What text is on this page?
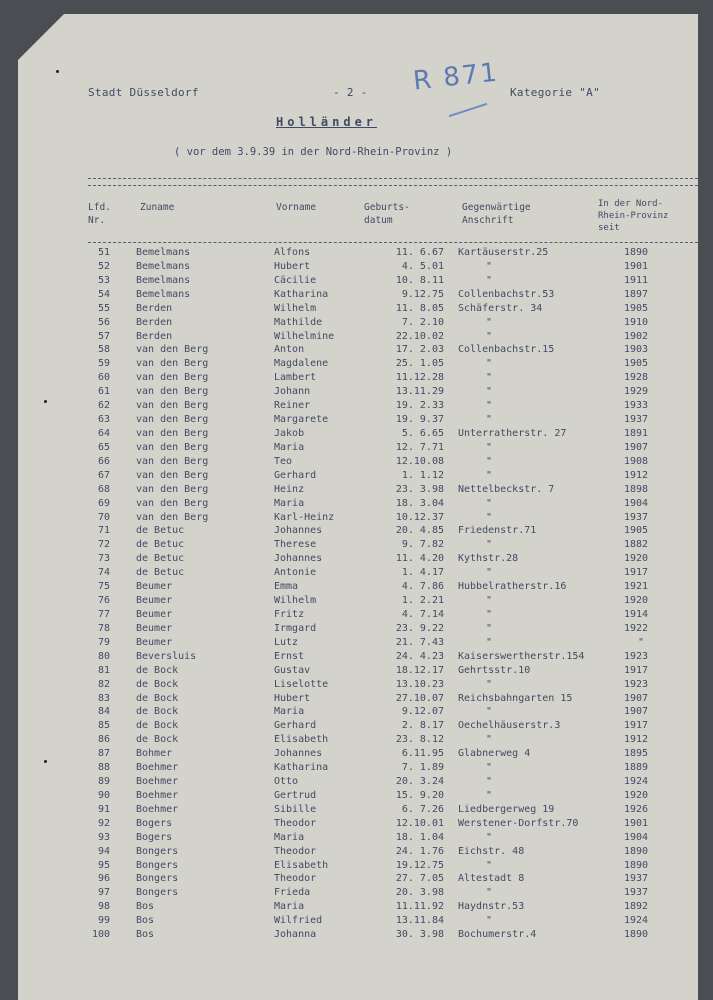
Stadt Düsseldorf	- 2 -	Kategorie "A"
R 871
Holländer
( vor dem 3.9.39 in der Nord-Rhein-Provinz )
Lfd.
Nr.
Zuname	Vorname	Geburts-
datum
Gegenwärtige
Anschrift
In der Nord-
Rhein-Provinz
seit
51	Bemelmans	Alfons	11. 6.67 Kartäuserstr.25	1890
52	Bemelmans	Hubert	4. 5.01	"	1901
53	Bemelmans	Cäcilie	10. 8.11	"	1911
54	Bemelmans	Katharina	9.12.75 Collenbachstr.53	1897
55	Berden	Wilhelm	11. 8.05 Schäferstr. 34	1905
56	Berden	Mathilde	7. 2.10	"	1910
57	Berden	Wilhelmine	22.10.02	"	1902
58	van den Berg	Anton	17. 2.03 Collenbachstr.15	1903
59	van den Berg	Magdalene	25. 1.05	"	1905
60	van den Berg	Lambert	11.12.28	"	1928
61	van den Berg	Johann	13.11.29	"	1929
62	van den Berg	Reiner	19. 2.33	"	1933
63	van den Berg	Margarete	19. 9.37	"	1937
64	van den Berg	Jakob	5. 6.65 Unterratherstr. 27	1891
65	van den Berg	Maria	12. 7.71	"	1907
66	van den Berg	Teo	12.10.08	"	1908
67	van den Berg	Gerhard	1. 1.12	"	1912
68	van den Berg	Heinz	23. 3.98 Nettelbeckstr. 7	1898
69	van den Berg	Maria	18. 3.04	"	1904
70	van den Berg	Karl-Heinz	10.12.37	"	1937
71	de Betuc	Johannes	20. 4.85 Friedenstr.71	1905
72	de Betuc	Therese	9. 7.82	"	1882
73	de Betuc	Johannes	11. 4.20 Kythstr.28	1920
74	de Betuc	Antonie	1. 4.17	"	1917
75	Beumer	Emma	4. 7.86 Hubbelratherstr.16	1921
76	Beumer	Wilhelm	1. 2.21	"	1920
77	Beumer	Fritz	4. 7.14	"	1914
78	Beumer	Irmgard	23. 9.22	"	1922
79	Beumer	Lutz	21. 7.43	"	"
80	Beversluis	Ernst	24. 4.23 Kaiserswertherstr.154	1923
81	de Bock	Gustav	18.12.17 Gehrtsstr.10	1917
82	de Bock	Liselotte	13.10.23	"	1923
83	de Bock	Hubert	27.10.07 Reichsbahngarten 15	1907
84	de Bock	Maria	9.12.07	"	1907
85	de Bock	Gerhard	2. 8.17 Oechelhäuserstr.3	1917
86	de Bock	Elisabeth	23. 8.12	"	1912
87	Bohmer	Johannes	6.11.95 Glabnerweg 4	1895
88	Boehmer	Katharina	7. 1.89	"	1889
89	Boehmer	Otto	20. 3.24	"	1924
90	Boehmer	Gertrud	15. 9.20	"	1920
91	Boehmer	Sibille	6. 7.26 Liedbergerweg 19	1926
92	Bogers	Theodor	12.10.01 Werstener-Dorfstr.70	1901
93	Bogers	Maria	18. 1.04	"	1904
94	Bongers	Theodor	24. 1.76 Eichstr. 48	1890
95	Bongers	Elisabeth	19.12.75	"	1890
96	Bongers	Theodor	27. 7.05 Altestadt 8	1937
97	Bongers	Frieda	20. 3.98	"	1937
98	Bos	Maria	11.11.92 Haydnstr.53	1892
99	Bos	Wilfried	13.11.84	"	1924
100	Bos	Johanna	30. 3.98 Bochumerstr.4	1890
